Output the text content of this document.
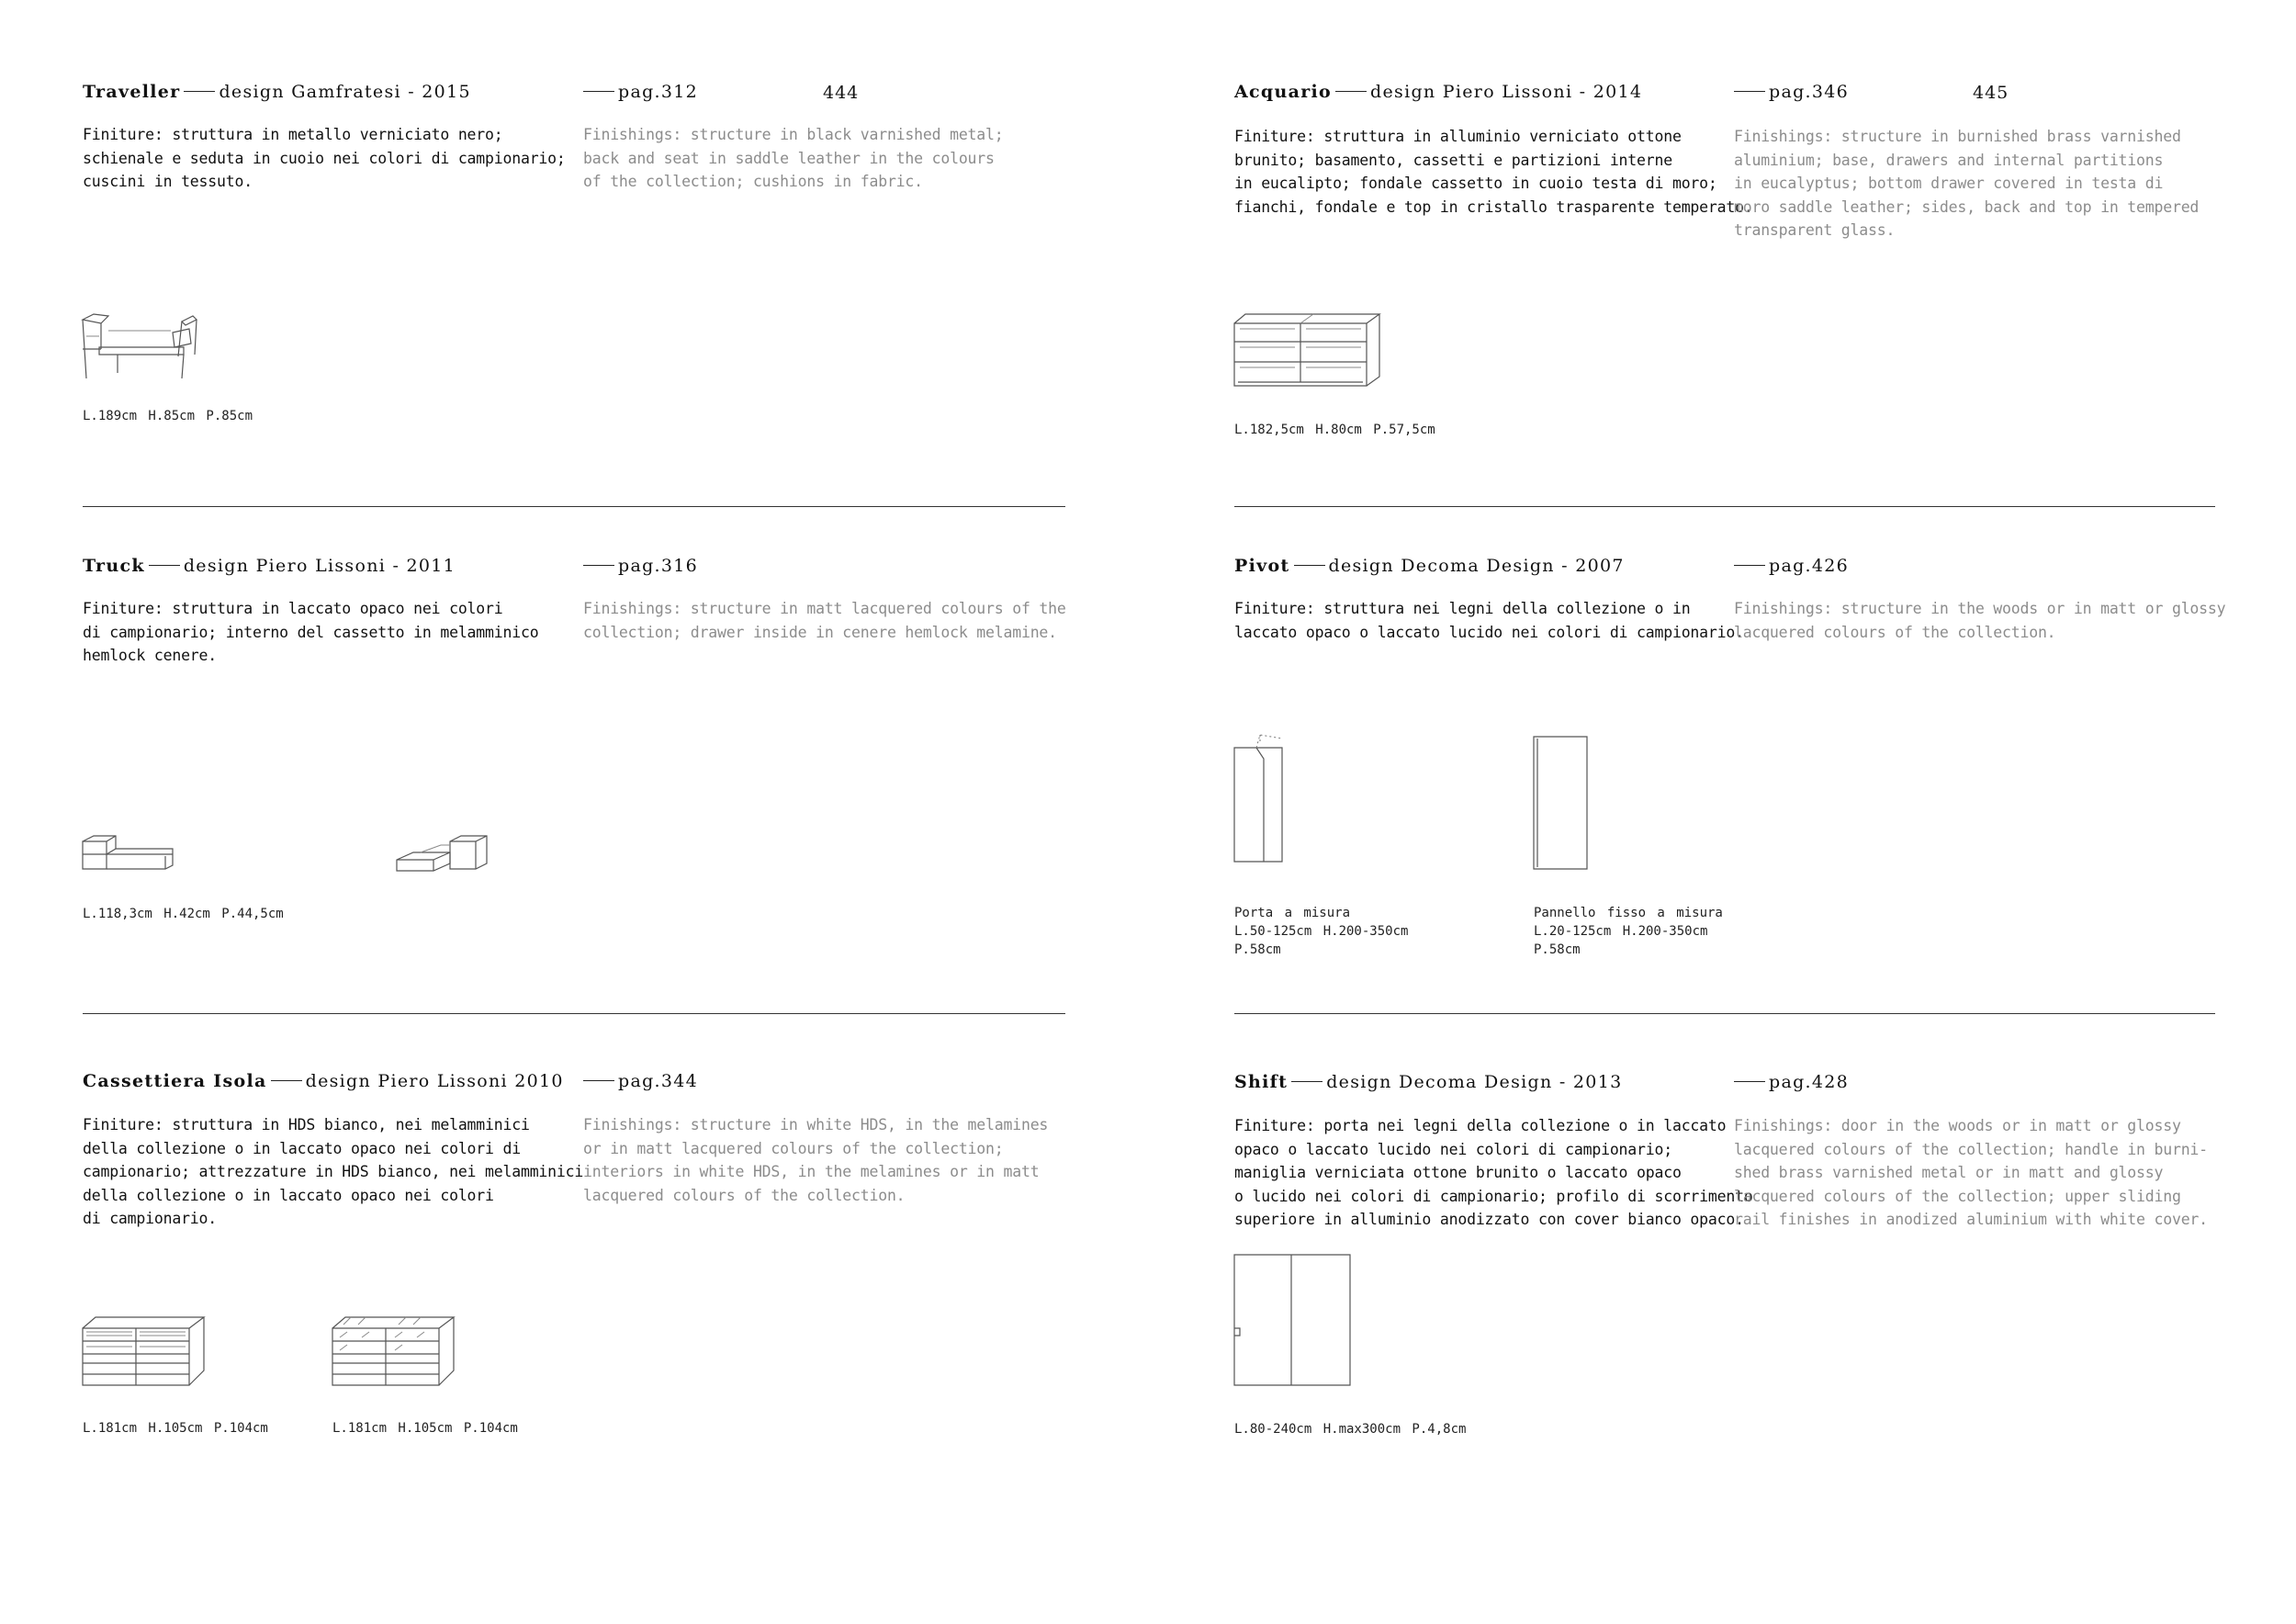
444	445
Traveller design Gamfratesi - 2015	pag.312
Finiture: struttura in metallo verniciato nero;
schienale e seduta in cuoio nei colori di campionario;
cuscini in tessuto.
Finishings: structure in black varnished metal;
back and seat in saddle leather in the colours
of the collection; cushions in fabric.
L.189cm H.85cm P.85cm
Truck design Piero Lissoni - 2011	pag.316
Finiture: struttura in laccato opaco nei colori
di campionario; interno del cassetto in melamminico
hemlock cenere.
Finishings: structure in matt lacquered colours of the
collection; drawer inside in cenere hemlock melamine.
L.118,3cm H.42cm P.44,5cm
Cassettiera Isola design Piero Lissoni 2010	pag.344
Finiture: struttura in HDS bianco, nei melamminici
della collezione o in laccato opaco nei colori di
campionario; attrezzature in HDS bianco, nei melamminici
della collezione o in laccato opaco nei colori
di campionario.
Finishings: structure in white HDS, in the melamines
or in matt lacquered colours of the collection;
interiors in white HDS, in the melamines or in matt
lacquered colours of the collection.
L.181cm H.105cm P.104cm	L.181cm H.105cm P.104cm
Acquario design Piero Lissoni - 2014	pag.346
Finiture: struttura in alluminio verniciato ottone
brunito; basamento, cassetti e partizioni interne
in eucalipto; fondale cassetto in cuoio testa di moro;
fianchi, fondale e top in cristallo trasparente temperato.
Finishings: structure in burnished brass varnished
aluminium; base, drawers and internal partitions
in eucalyptus; bottom drawer covered in testa di
moro saddle leather; sides, back and top in tempered
transparent glass.
L.182,5cm H.80cm P.57,5cm
Pivot design Decoma Design - 2007	pag.426
Finiture: struttura nei legni della collezione o in
laccato opaco o laccato lucido nei colori di campionario.
Finishings: structure in the woods or in matt or glossy
lacquered colours of the collection.
Porta a misura
L.50-125cm H.200-350cm
P.58cm
Pannello fisso a misura
L.20-125cm H.200-350cm
P.58cm
Shift design Decoma Design - 2013	pag.428
Finiture: porta nei legni della collezione o in laccato
opaco o laccato lucido nei colori di campionario;
maniglia verniciata ottone brunito o laccato opaco
o lucido nei colori di campionario; profilo di scorrimento
superiore in alluminio anodizzato con cover bianco opaco.
Finishings: door in the woods or in matt or glossy
lacquered colours of the collection; handle in burni-
shed brass varnished metal or in matt and glossy
lacquered colours of the collection; upper sliding
rail finishes in anodized aluminium with white cover.
L.80-240cm H.max300cm P.4,8cm
